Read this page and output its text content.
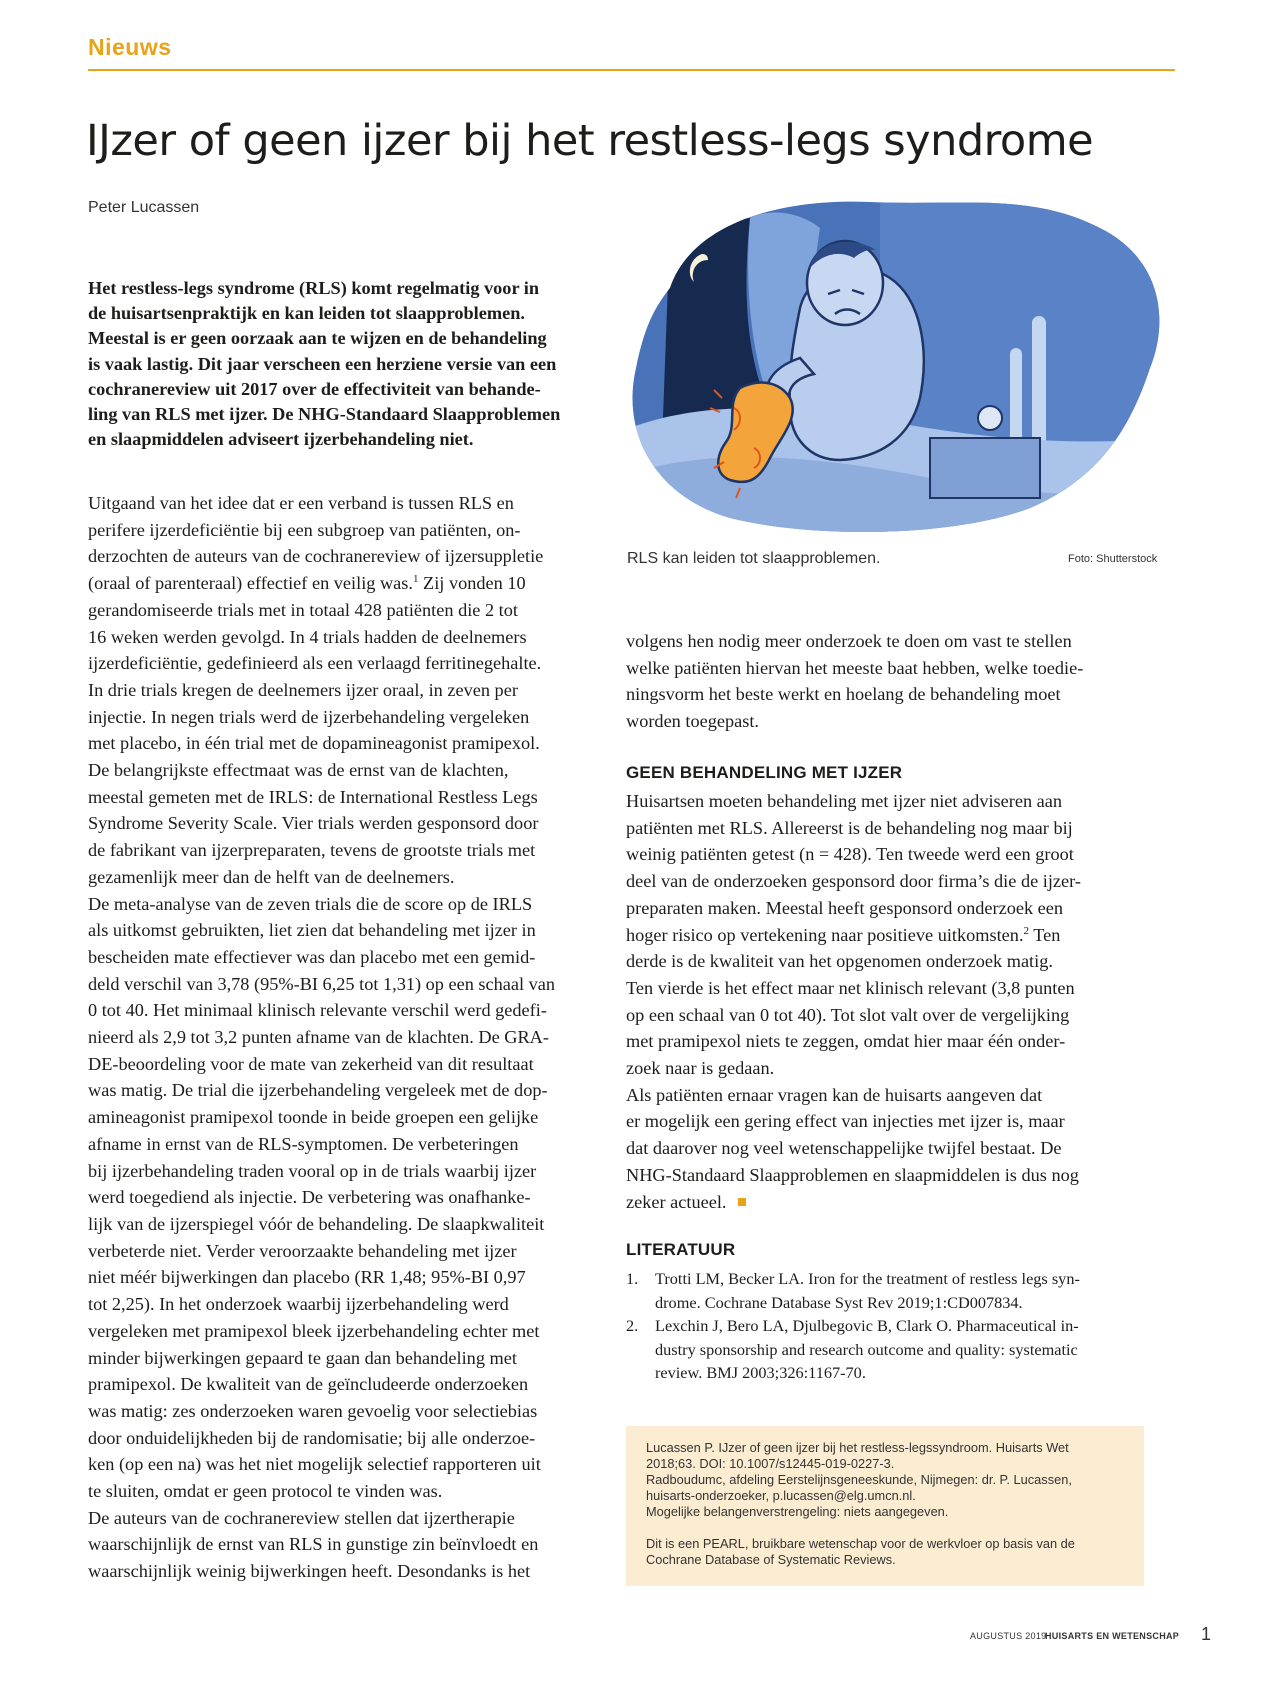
Nieuws
IJzer of geen ijzer bij het restless-legs syndrome
Peter Lucassen
Het restless-legs syndrome (RLS) komt regelmatig voor in
de huisartsenpraktijk en kan leiden tot slaapproblemen.
Meestal is er geen oorzaak aan te wijzen en de behandeling
is vaak lastig. Dit jaar verscheen een herziene versie van een
cochranereview uit 2017 over de effectiviteit van behande-
ling van RLS met ijzer. De NHG-Standaard Slaapproblemen
en slaapmiddelen adviseert ijzerbehandeling niet.
Uitgaand van het idee dat er een verband is tussen RLS en
perifere ijzerdeficiëntie bij een subgroep van patiënten, on-
derzochten de auteurs van de cochranereview of ijzersuppletie
(oraal of parenteraal) effectief en veilig was.$^1$ Zij vonden 10
gerandomiseerde trials met in totaal 428 patiënten die 2 tot
16 weken werden gevolgd. In 4 trials hadden de deelnemers
ijzerdeficiëntie, gedefinieerd als een verlaagd ferritinegehalte.
In drie trials kregen de deelnemers ijzer oraal, in zeven per
injectie. In negen trials werd de ijzerbehandeling vergeleken
met placebo, in één trial met de dopamineagonist pramipexol.
De belangrijkste effectmaat was de ernst van de klachten,
meestal gemeten met de IRLS: de International Restless Legs
Syndrome Severity Scale. Vier trials werden gesponsord door
de fabrikant van ijzerpreparaten, tevens de grootste trials met
gezamenlijk meer dan de helft van de deelnemers.
De meta-analyse van de zeven trials die de score op de IRLS
als uitkomst gebruikten, liet zien dat behandeling met ijzer in
bescheiden mate effectiever was dan placebo met een gemid-
deld verschil van 3,78 (95%-BI 6,25 tot 1,31) op een schaal van
0 tot 40. Het minimaal klinisch relevante verschil werd gedefi-
nieerd als 2,9 tot 3,2 punten afname van de klachten. De GRA-
DE-beoordeling voor de mate van zekerheid van dit resultaat
was matig. De trial die ijzerbehandeling vergeleek met de dop-
amineagonist pramipexol toonde in beide groepen een gelijke
afname in ernst van de RLS-symptomen. De verbeteringen
bij ijzerbehandeling traden vooral op in de trials waarbij ijzer
werd toegediend als injectie. De verbetering was onafhanke-
lijk van de ijzerspiegel vóór de behandeling. De slaapkwaliteit
verbeterde niet. Verder veroorzaakte behandeling met ijzer
niet méér bijwerkingen dan placebo (RR 1,48; 95%-BI 0,97
tot 2,25). In het onderzoek waarbij ijzerbehandeling werd
vergeleken met pramipexol bleek ijzerbehandeling echter met
minder bijwerkingen gepaard te gaan dan behandeling met
pramipexol. De kwaliteit van de geïncludeerde onderzoeken
was matig: zes onderzoeken waren gevoelig voor selectiebias
door onduidelijkheden bij de randomisatie; bij alle onderzoe-
ken (op een na) was het niet mogelijk selectief rapporteren uit
te sluiten, omdat er geen protocol te vinden was.
De auteurs van de cochranereview stellen dat ijzertherapie
waarschijnlijk de ernst van RLS in gunstige zin beïnvloedt en
waarschijnlijk weinig bijwerkingen heeft. Desondanks is het
RLS kan leiden tot slaapproblemen.	Foto: Shutterstock
volgens hen nodig meer onderzoek te doen om vast te stellen
welke patiënten hiervan het meeste baat hebben, welke toedie-
ningsvorm het beste werkt en hoelang de behandeling moet
worden toegepast.
GEEN BEHANDELING MET IJZER
Huisartsen moeten behandeling met ijzer niet adviseren aan
patiënten met RLS. Allereerst is de behandeling nog maar bij
weinig patiënten getest (n = 428). Ten tweede werd een groot
deel van de onderzoeken gesponsord door firma’s die de ijzer-
preparaten maken. Meestal heeft gesponsord onderzoek een
hoger risico op vertekening naar positieve uitkomsten.$^2$ Ten
derde is de kwaliteit van het opgenomen onderzoek matig.
Ten vierde is het effect maar net klinisch relevant (3,8 punten
op een schaal van 0 tot 40). Tot slot valt over de vergelijking
met pramipexol niets te zeggen, omdat hier maar één onder-
zoek naar is gedaan.
Als patiënten ernaar vragen kan de huisarts aangeven dat
er mogelijk een gering effect van injecties met ijzer is, maar
dat daarover nog veel wetenschappelijke twijfel bestaat. De
NHG-Standaard Slaapproblemen en slaapmiddelen is dus nog
zeker actueel.
LITERATUUR
1. Trotti LM, Becker LA. Iron for the treatment of restless legs syn-
drome. Cochrane Database Syst Rev 2019;1:CD007834.
2. Lexchin J, Bero LA, Djulbegovic B, Clark O. Pharmaceutical in-
dustry sponsorship and research outcome and quality: systematic
review. BMJ 2003;326:1167-70.
Lucassen P. IJzer of geen ijzer bij het restless-legssyndroom. Huisarts Wet
2018;63. DOI: 10.1007/s12445-019-0227-3.
Radboudumc, afdeling Eerstelijnsgeneeskunde, Nijmegen: dr. P. Lucassen,
huisarts-onderzoeker, p.lucassen@elg.umcn.nl.
Mogelijke belangenverstrengeling: niets aangegeven.
Dit is een PEARL, bruikbare wetenschap voor de werkvloer op basis van de
Cochrane Database of Systematic Reviews.
AUGUSTUS 2019
HUISARTS EN WETENSCHAP 1
